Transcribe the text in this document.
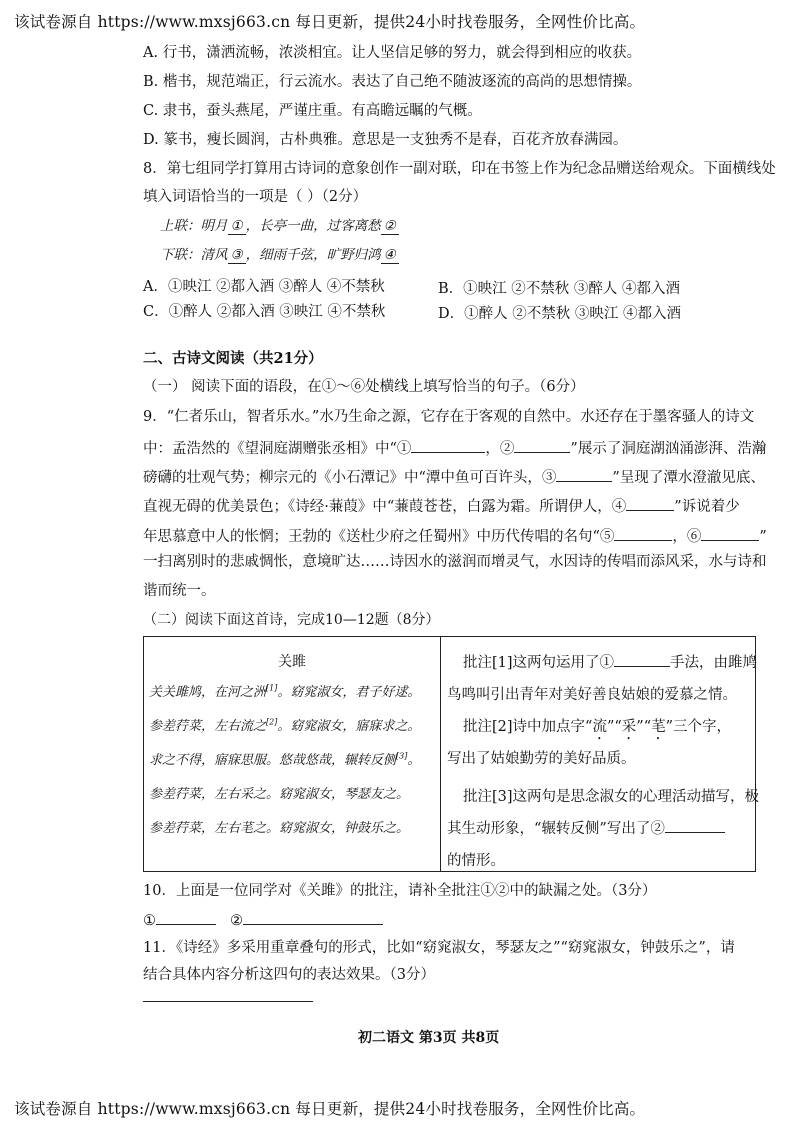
该试卷源自 https://www.mxsj663.cn 每日更新，提供24小时找卷服务，全网性价比高。
A. 行书，潇洒流畅，浓淡相宜。让人坚信足够的努力，就会得到相应的收获。
B. 楷书，规范端正，行云流水。表达了自己绝不随波逐流的高尚的思想情操。
C. 隶书，蚕头燕尾，严谨庄重。有高瞻远瞩的气概。
D. 篆书，瘦长圆润，古朴典雅。意思是一支独秀不是春，百花齐放春满园。
8．第七组同学打算用古诗词的意象创作一副对联，印在书签上作为纪念品赠送给观众。下面横线处
填入词语恰当的一项是（ ）（2分）
上联：明月 ① ，长亭一曲，过客离愁 ②
下联：清风 ③ ，细雨千弦，旷野归鸿 ④
A．①映江 ②都入酒 ③醉人 ④不禁秋	B．①映江 ②不禁秋 ③醉人 ④都入酒
C．①醉人 ②都入酒 ③映江 ④不禁秋	D．①醉人 ②不禁秋 ③映江 ④都入酒
二、古诗文阅读（共21分）
（一） 阅读下面的语段，在①～⑥处横线上填写恰当的句子。（6分）
9．“仁者乐山，智者乐水。”水乃生命之源，它存在于客观的自然中。水还存在于墨客骚人的诗文
中：孟浩然的《望洞庭湖赠张丞相》中“①	，②	”展示了洞庭湖汹涌澎湃、浩瀚
磅礴的壮观气势；柳宗元的《小石潭记》中“潭中鱼可百许头，③	”呈现了潭水澄澈见底、
直视无碍的优美景色；《诗经·蒹葭》中“蒹葭苍苍，白露为霜。所谓伊人，④	”诉说着少
年思慕意中人的怅惘；王勃的《送杜少府之任蜀州》中历代传唱的名句“⑤	，⑥	”
一扫离别时的悲戚惆怅，意境旷达……诗因水的滋润而增灵气，水因诗的传唱而添风采，水与诗和
谐而统一。
（二）阅读下面这首诗，完成10—12题（8分）
关雎
关关雎鸠，在河之洲[1]。窈窕淑女，君子好逑。
参差荇菜，左右流之[2]。窈窕淑女，寤寐求之。
求之不得，寤寐思服。悠哉悠哉，辗转反侧[3]。
参差荇菜，左右采之。窈窕淑女，琴瑟友之。
参差荇菜，左右芼之。窈窕淑女，钟鼓乐之。

批注[1]这两句运用了①	手法，由雎鸠
鸟鸣叫引出青年对美好善良姑娘的爱慕之情。
批注[2]诗中加点字“流”“采”“芼”三个字，
写出了姑娘勤劳的美好品质。
批注[3]这两句是思念淑女的心理活动描写，极
其生动形象，“辗转反侧”写出了②
的情形。
10．上面是一位同学对《关雎》的批注，请补全批注①②中的缺漏之处。（3分）
①	②
11．《诗经》多采用重章叠句的形式，比如“窈窕淑女，琴瑟友之”“窈窕淑女，钟鼓乐之”，请
结合具体内容分析这四句的表达效果。（3分）
初二语文 第3页 共8页
该试卷源自 https://www.mxsj663.cn 每日更新，提供24小时找卷服务，全网性价比高。
